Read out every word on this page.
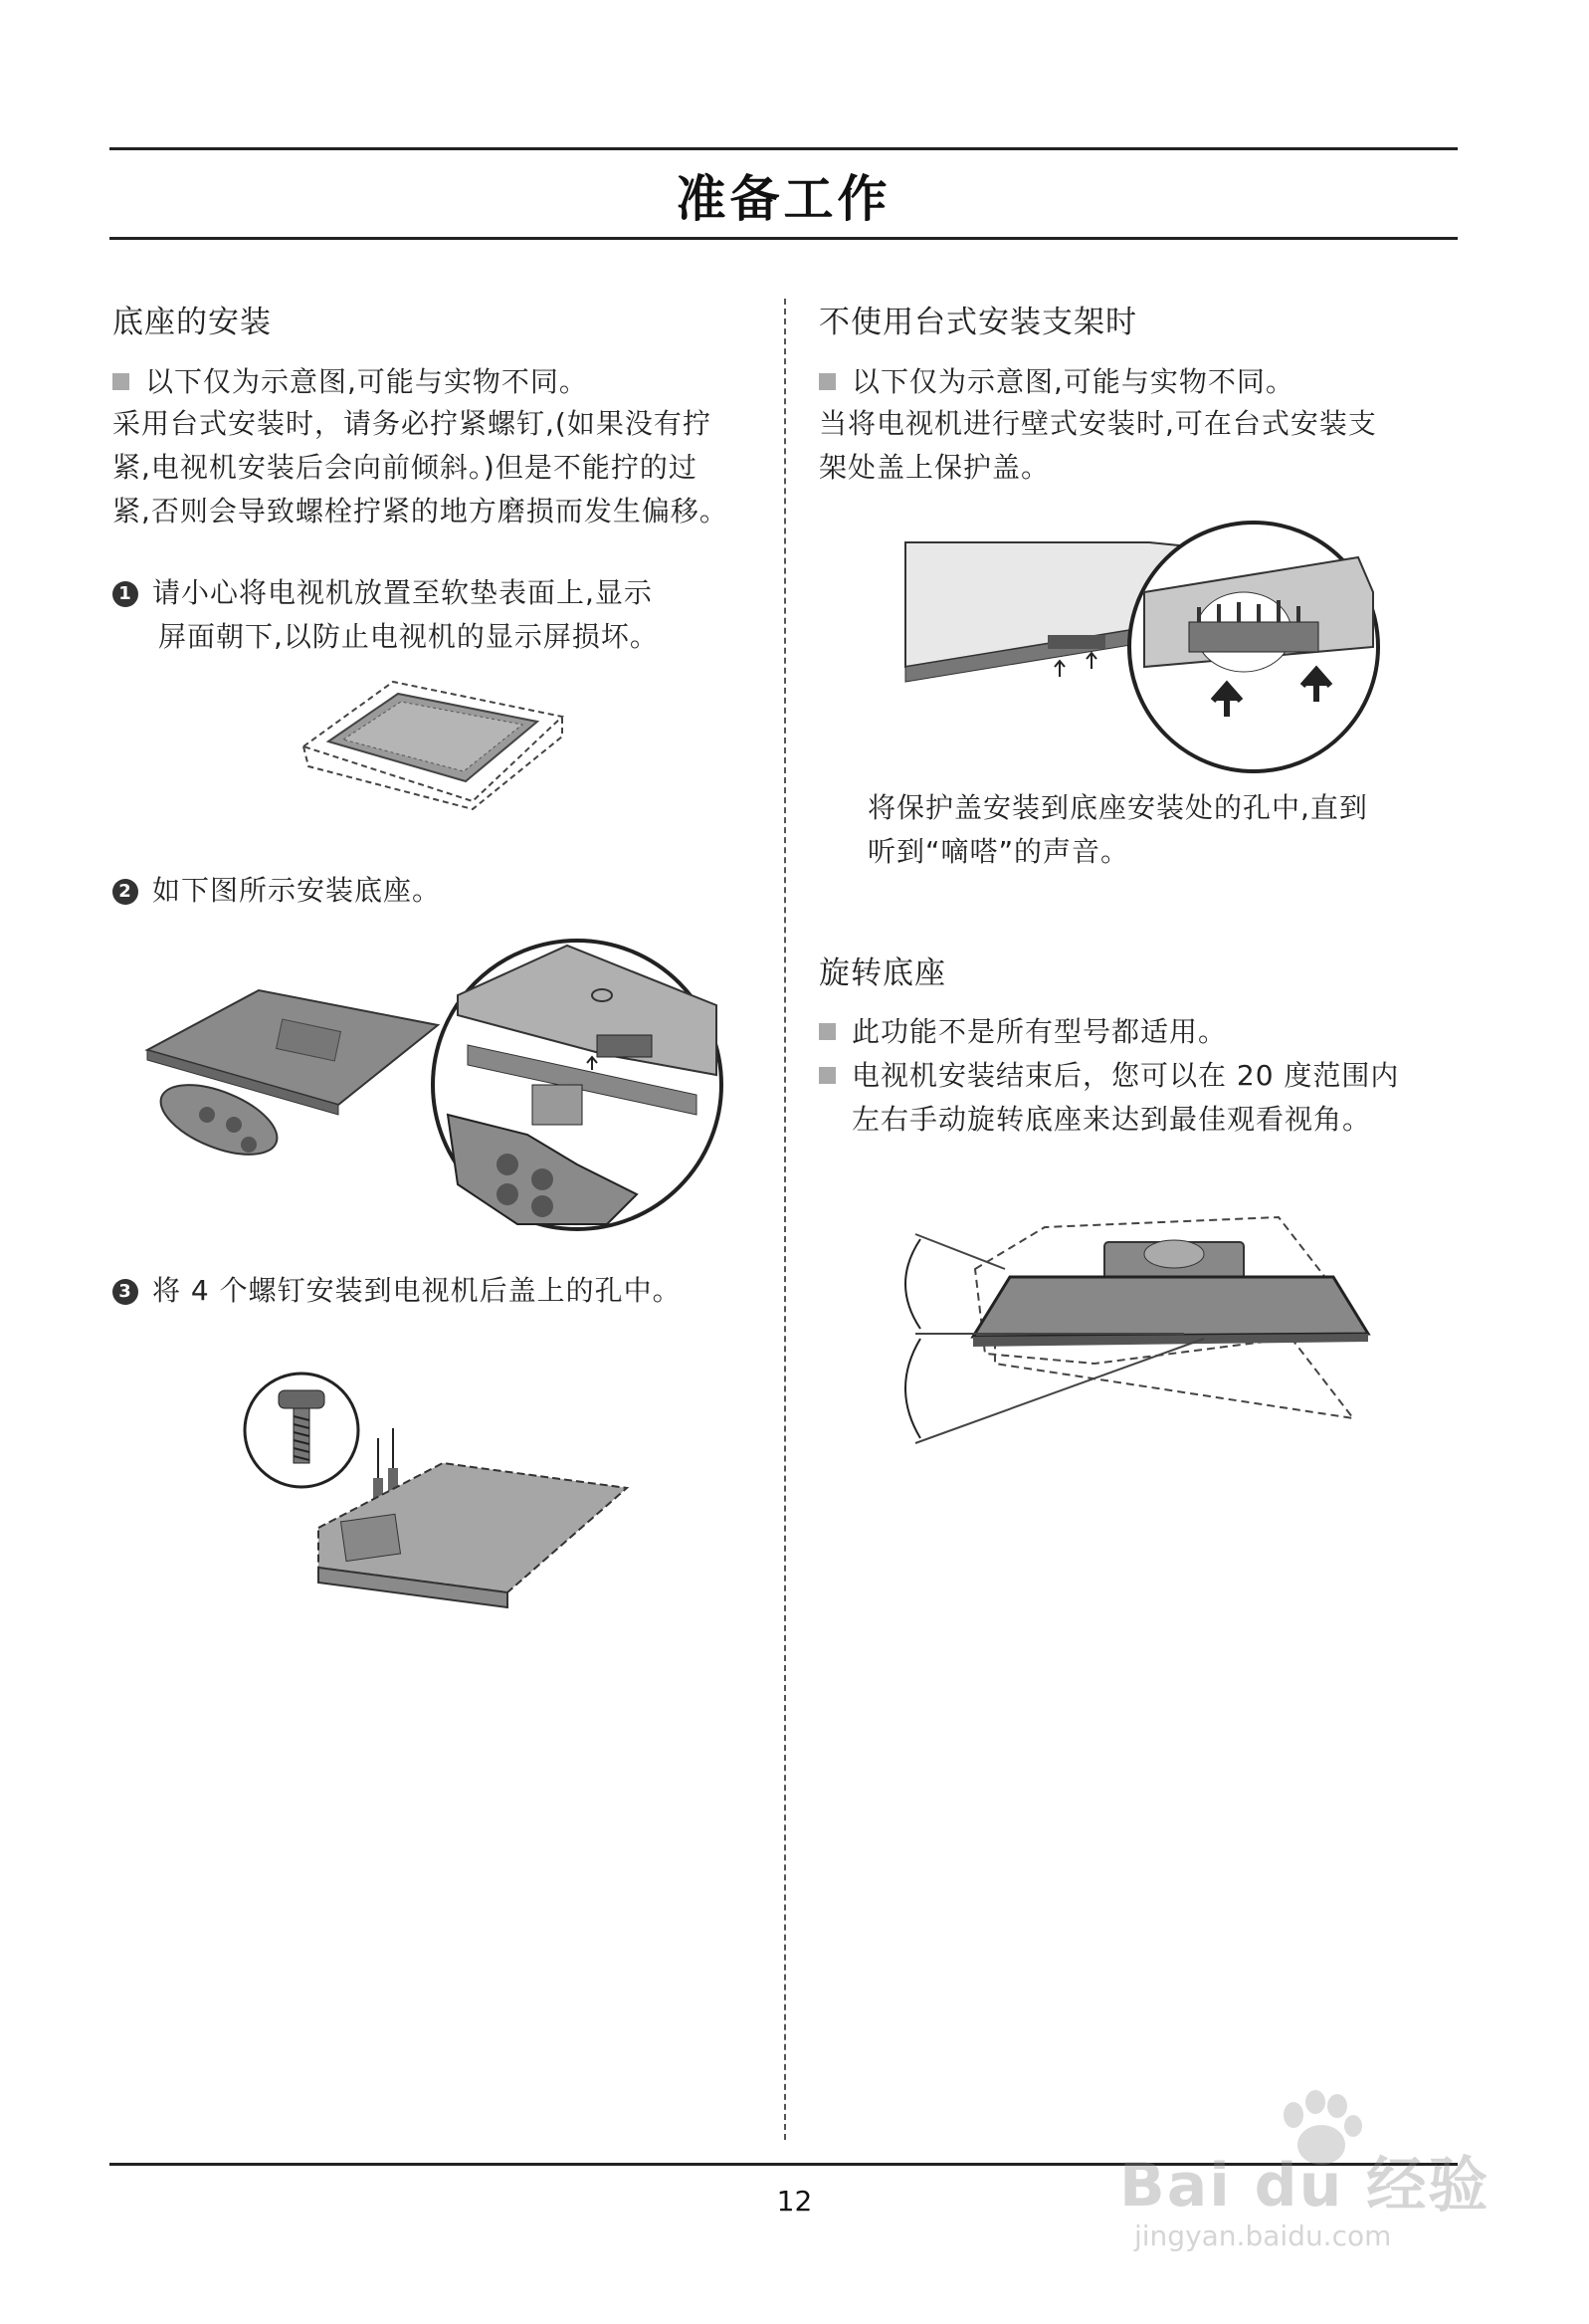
准备工作
底座的安装
以下仅为示意图,可能与实物不同。
采用台式安装时，请务必拧紧螺钉,(如果没有拧
紧,电视机安装后会向前倾斜。)但是不能拧的过
紧,否则会导致螺栓拧紧的地方磨损而发生偏移。
1 请小心将电视机放置至软垫表面上,显示
屏面朝下,以防止电视机的显示屏损坏。
2 如下图所示安装底座。
3 将 4 个螺钉安装到电视机后盖上的孔中。
不使用台式安装支架时
以下仅为示意图,可能与实物不同。
当将电视机进行壁式安装时,可在台式安装支
架处盖上保护盖。
将保护盖安装到底座安装处的孔中,直到
听到“嘀嗒”的声音。
旋转底座
此功能不是所有型号都适用。
电视机安装结束后，您可以在 20 度范围内
左右手动旋转底座来达到最佳观看视角。
12	Bai du 经验
jingyan.baidu.com
